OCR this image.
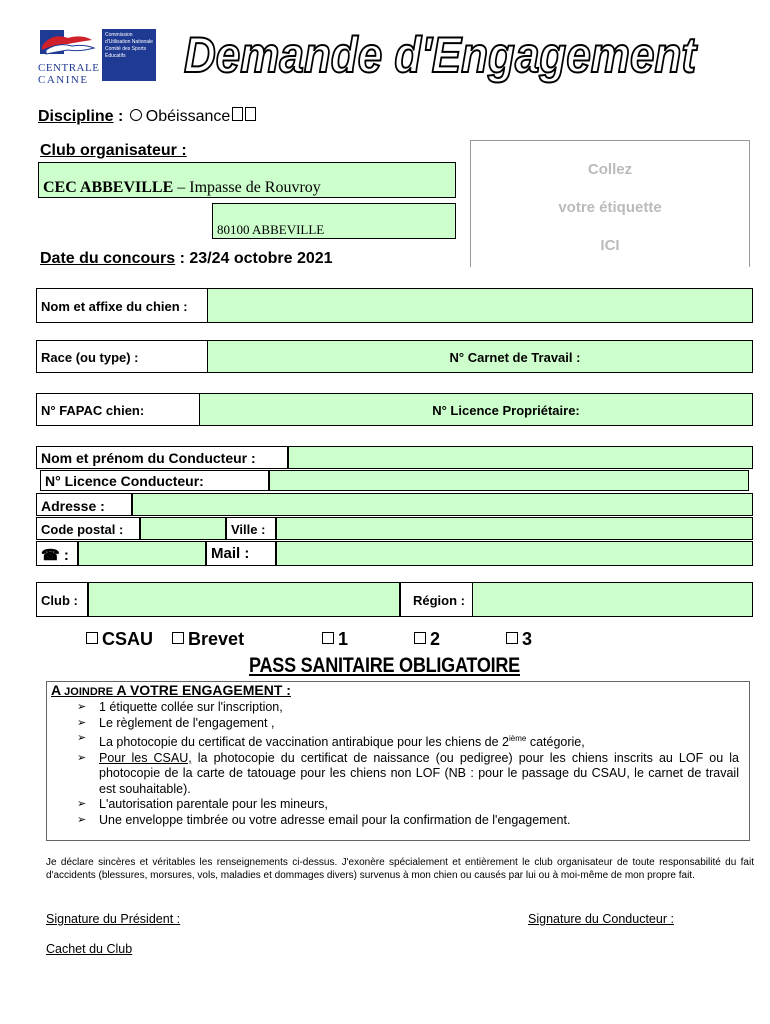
CENTRALE
CANINE
Commission d'Utilisation Nationale Comité des Sports Éducatifs	Demande d'Engagement
Discipline : Obéissance
Club organisateur :
CEC ABBEVILLE – Impasse de Rouvroy
80100 ABBEVILLE
Date du concours : 23/24 octobre 2021
Collez
votre étiquette
ICI
Nom et affixe du chien :
Race (ou type) :	N° Carnet de Travail :
N° FAPAC chien:	N° Licence Propriétaire:
Nom et prénom du Conducteur :
N° Licence Conducteur:
Adresse :
Code postal :	Ville :
☎ :	Mail :
Club :	Région :
CSAU Brevet	1	2	3
PASS SANITAIRE OBLIGATOIRE
A JOINDRE A VOTRE ENGAGEMENT :
➢ 1 étiquette collée sur l'inscription,
➢ Le règlement de l'engagement ,
➢ La photocopie du certificat de vaccination antirabique pour les chiens de 2ième catégorie,
➢ Pour les CSAU, la photocopie du certificat de naissance (ou pedigree) pour les chiens inscrits au LOF ou la photocopie de la carte de tatouage pour les chiens non LOF (NB : pour le passage du CSAU, le carnet de travail est souhaitable).
➢ L'autorisation parentale pour les mineurs,
➢ Une enveloppe timbrée ou votre adresse email pour la confirmation de l'engagement.
Je déclare sincères et véritables les renseignements ci-dessus. J'exonère spécialement et entièrement le club organisateur de toute responsabilité du fait d'accidents (blessures, morsures, vols, maladies et dommages divers) survenus à mon chien ou causés par lui ou à moi-même de mon propre fait.
Signature du Président :	Signature du Conducteur :
Cachet du Club
